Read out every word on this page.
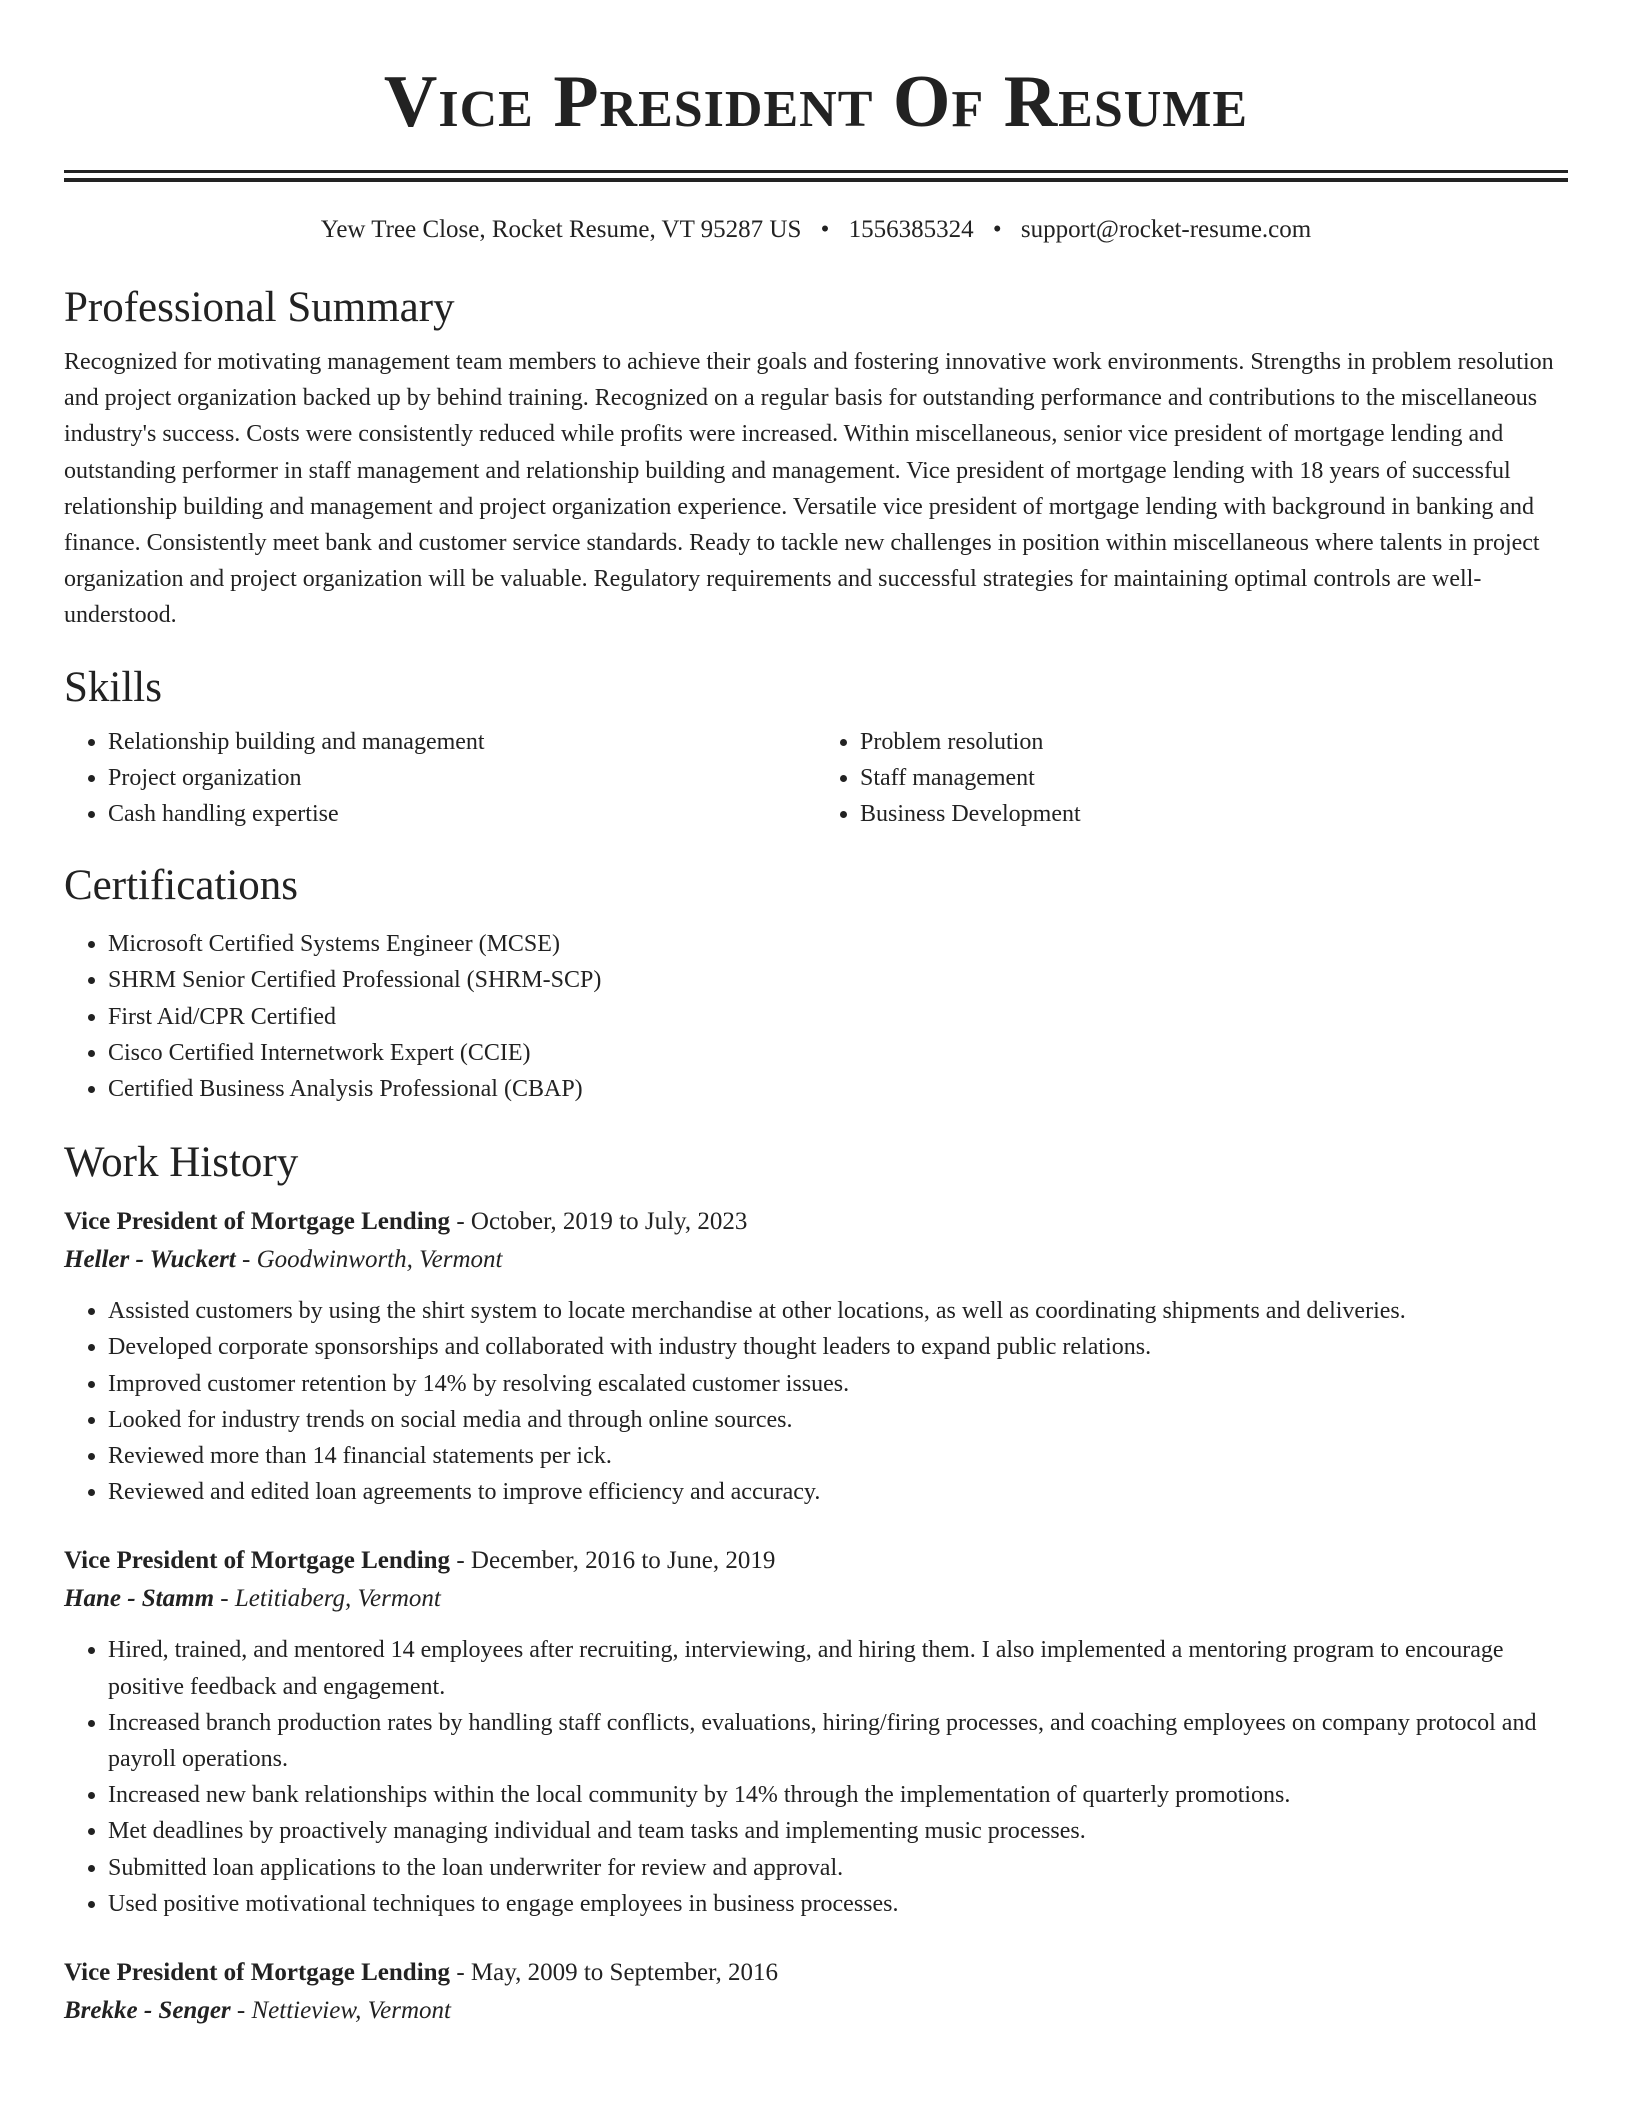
Vice President Of Resume
Yew Tree Close, Rocket Resume, VT 95287 US • 1556385324 • support@rocket-resume.com
Professional Summary

Recognized for motivating management team members to achieve their goals and fostering innovative work environments. Strengths in problem resolution and project organization backed up by behind training. Recognized on a regular basis for outstanding performance and contributions to the miscellaneous industry's success. Costs were consistently reduced while profits were increased. Within miscellaneous, senior vice president of mortgage lending and outstanding performer in staff management and relationship building and management. Vice president of mortgage lending with 18 years of successful relationship building and management and project organization experience. Versatile vice president of mortgage lending with background in banking and finance. Consistently meet bank and customer service standards. Ready to tackle new challenges in position within miscellaneous where talents in project organization and project organization will be valuable. Regulatory requirements and successful strategies for maintaining optimal controls are well-understood.

Skills
• Relationship building and management
• Project organization
• Cash handling expertise
• Problem resolution
• Staff management
• Business Development
Certifications
• Microsoft Certified Systems Engineer (MCSE)
• SHRM Senior Certified Professional (SHRM-SCP)
• First Aid/CPR Certified
• Cisco Certified Internetwork Expert (CCIE)
• Certified Business Analysis Professional (CBAP)
Work History
Vice President of Mortgage Lending - October, 2019 to July, 2023
Heller - Wuckert - Goodwinworth, Vermont
• Assisted customers by using the shirt system to locate merchandise at other locations, as well as coordinating shipments and deliveries.
• Developed corporate sponsorships and collaborated with industry thought leaders to expand public relations.
• Improved customer retention by 14% by resolving escalated customer issues.
• Looked for industry trends on social media and through online sources.
• Reviewed more than 14 financial statements per ick.
• Reviewed and edited loan agreements to improve efficiency and accuracy.
Vice President of Mortgage Lending - December, 2016 to June, 2019
Hane - Stamm - Letitiaberg, Vermont
• Hired, trained, and mentored 14 employees after recruiting, interviewing, and hiring them. I also implemented a mentoring program to encourage positive feedback and engagement.
• Increased branch production rates by handling staff conflicts, evaluations, hiring/firing processes, and coaching employees on company protocol and payroll operations.
• Increased new bank relationships within the local community by 14% through the implementation of quarterly promotions.
• Met deadlines by proactively managing individual and team tasks and implementing music processes.
• Submitted loan applications to the loan underwriter for review and approval.
• Used positive motivational techniques to engage employees in business processes.
Vice President of Mortgage Lending - May, 2009 to September, 2016
Brekke - Senger - Nettieview, Vermont
